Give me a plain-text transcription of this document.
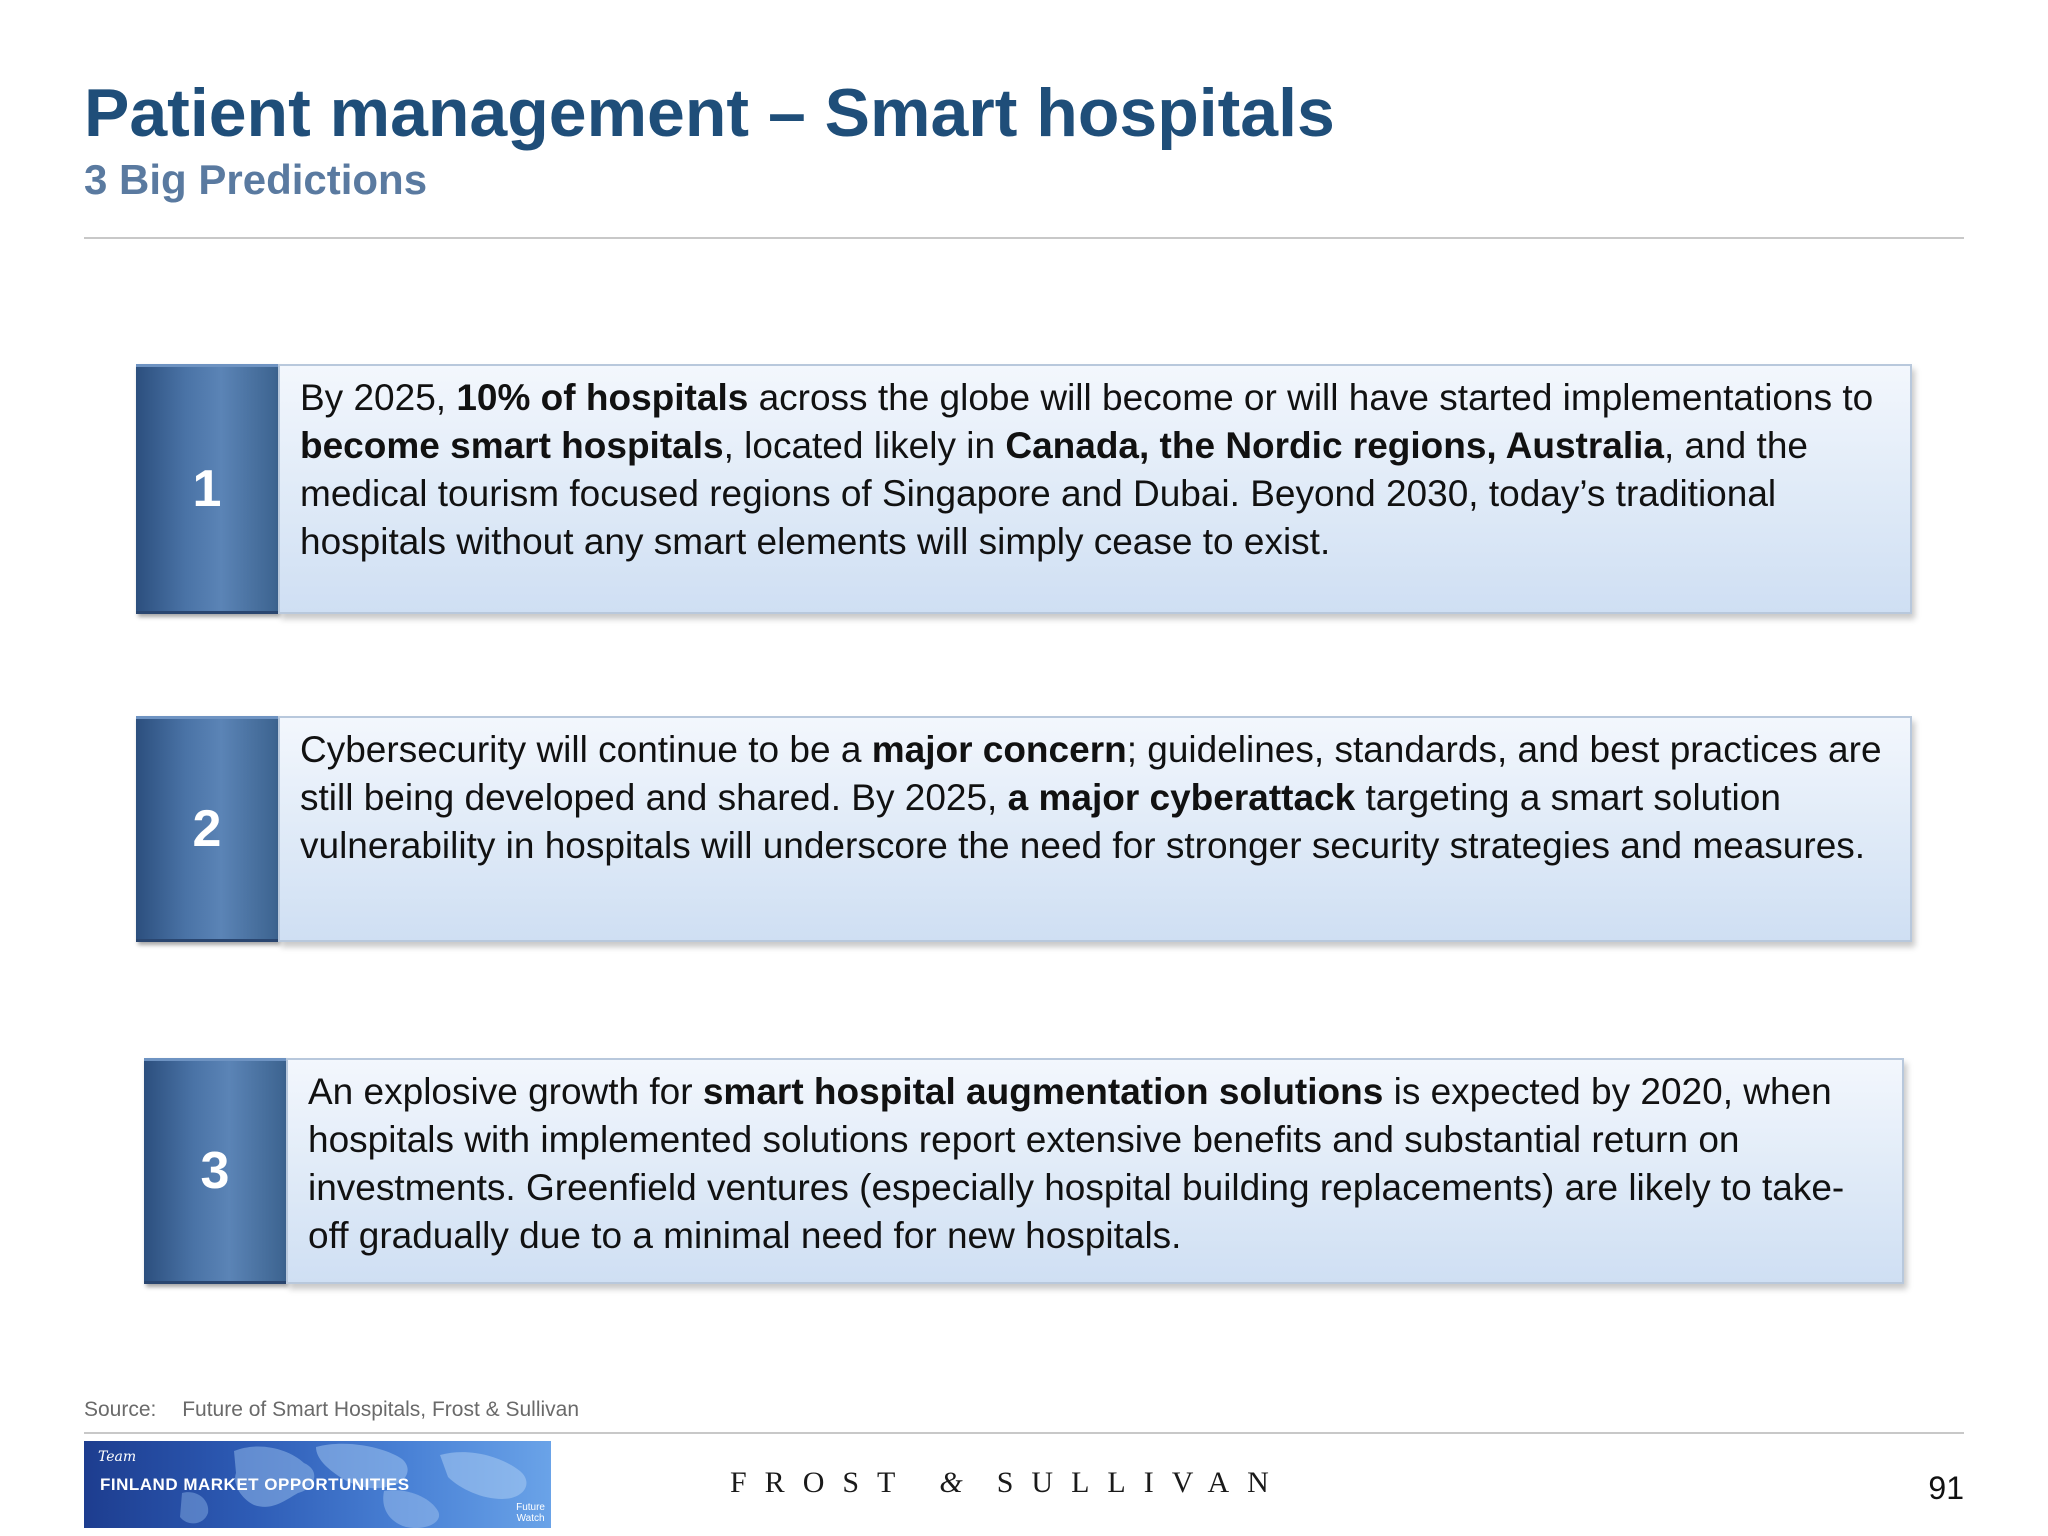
Patient management – Smart hospitals
3 Big Predictions
1
By 2025, 10% of hospitals across the globe will become or will have started implementations to become smart hospitals, located likely in Canada, the Nordic regions, Australia, and the medical tourism focused regions of Singapore and Dubai. Beyond 2030, today’s traditional hospitals without any smart elements will simply cease to exist.
2
Cybersecurity will continue to be a major concern; guidelines, standards, and best practices are still being developed and shared. By 2025, a major cyberattack targeting a smart solution vulnerability in hospitals will underscore the need for stronger security strategies and measures.
3
An explosive growth for smart hospital augmentation solutions is expected by 2020, when hospitals with implemented solutions report extensive benefits and substantial return on investments. Greenfield ventures (especially hospital building replacements) are likely to take-off gradually due to a minimal need for new hospitals.
Source: Future of Smart Hospitals, Frost & Sullivan
Team
FINLAND MARKET OPPORTUNITIES
Future
Watch
FROST & SULLIVAN	91
